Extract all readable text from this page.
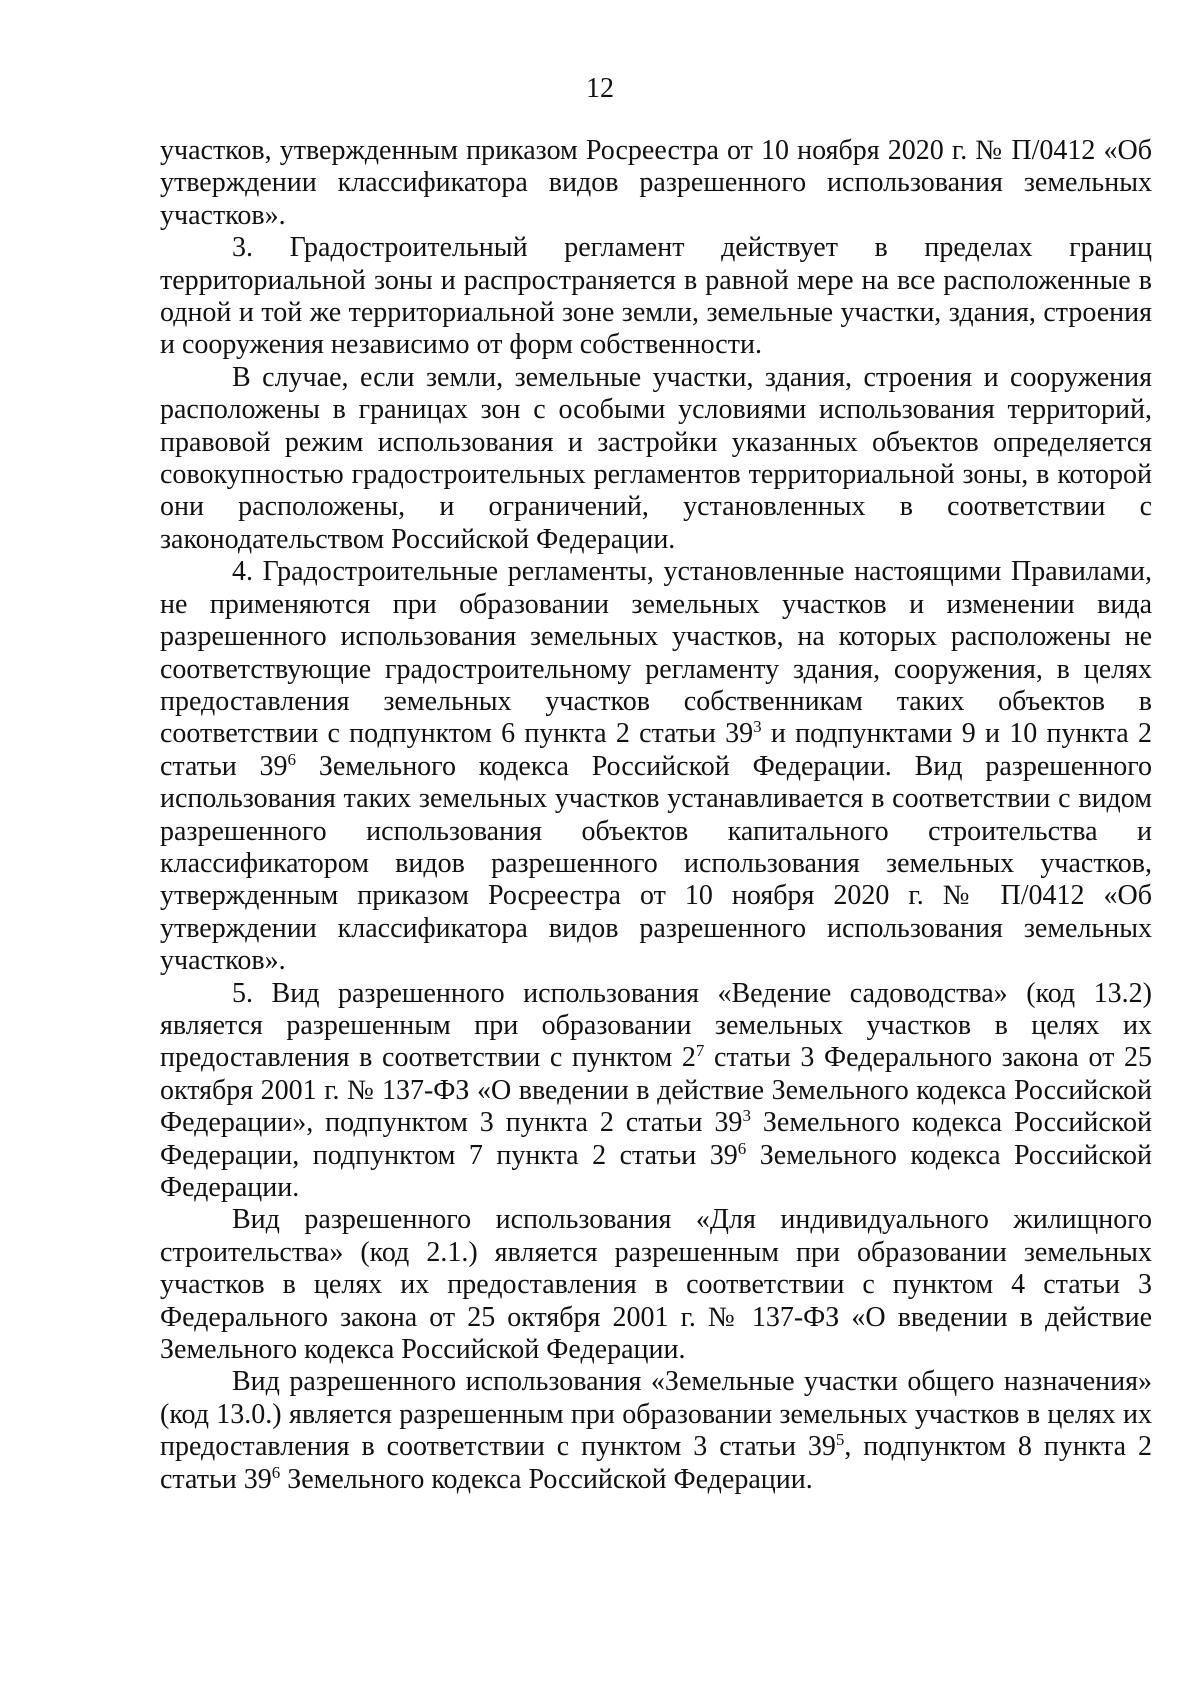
12

участков, утвержденным приказом Росреестра от 10 ноября 2020 г. № П/0412 «Об утверждении классификатора видов разрешенного использования земельных участков».

3. Градостроительный регламент действует в пределах границ территориальной зоны и распространяется в равной мере на все расположенные в одной и той же территориальной зоне земли, земельные участки, здания, строения и сооружения независимо от форм собственности.

В случае, если земли, земельные участки, здания, строения и сооружения расположены в границах зон с особыми условиями использования территорий, правовой режим использования и застройки указанных объектов определяется совокупностью градостроительных регламентов территориальной зоны, в которой они расположены, и ограничений, установленных в соответствии с законодательством Российской Федерации.

4. Градостроительные регламенты, установленные настоящими Правилами, не применяются при образовании земельных участков и изменении вида разрешенного использования земельных участков, на которых расположены не соответствующие градостроительному регламенту здания, сооружения, в целях предоставления земельных участков собственникам таких объектов в соответствии с подпунктом 6 пункта 2 статьи $39^3$ и подпунктами 9 и 10 пункта 2 статьи $39^6$ Земельного кодекса Российской Федерации. Вид разрешенного использования таких земельных участков устанавливается в соответствии с видом разрешенного использования объектов капитального строительства и классификатором видов разрешенного использования земельных участков, утвержденным приказом Росреестра от 10 ноября 2020 г. № П/0412 «Об утверждении классификатора видов разрешенного использования земельных участков».

5. Вид разрешенного использования «Ведение садоводства» (код 13.2) является разрешенным при образовании земельных участков в целях их предоставления в соответствии с пунктом $2^7$ статьи 3 Федерального закона от 25 октября 2001 г. № 137-ФЗ «О введении в действие Земельного кодекса Российской Федерации», подпунктом 3 пункта 2 статьи $39^3$ Земельного кодекса Российской Федерации, подпунктом 7 пункта 2 статьи $39^6$ Земельного кодекса Российской Федерации.

Вид разрешенного использования «Для индивидуального жилищного строительства» (код 2.1.) является разрешенным при образовании земельных участков в целях их предоставления в соответствии с пунктом 4 статьи 3 Федерального закона от 25 октября 2001 г. № 137-ФЗ «О введении в действие Земельного кодекса Российской Федерации.

Вид разрешенного использования «Земельные участки общего назначения» (код 13.0.) является разрешенным при образовании земельных участков в целях их предоставления в соответствии с пунктом 3 статьи $39^5$, подпунктом 8 пункта 2 статьи $39^6$ Земельного кодекса Российской Федерации.
